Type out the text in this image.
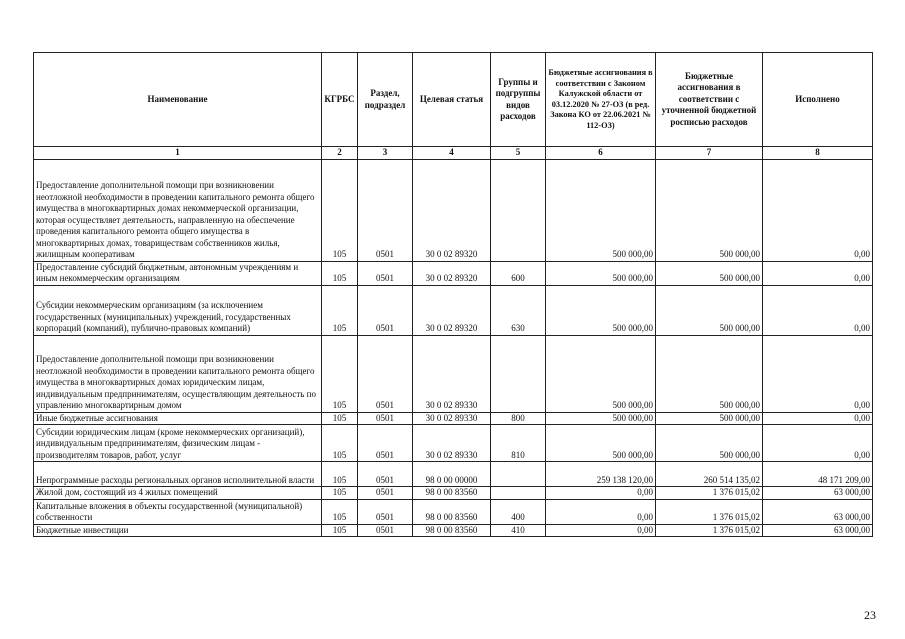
Наименование	КГРБС	Раздел, подраздел	Целевая статья	Группы и подгруппы видов расходов	Бюджетные ассигнования в соответствии с Законом Калужской области от 03.12.2020 № 27-ОЗ (в ред. Закона КО от 22.06.2021 № 112-ОЗ)	Бюджетные ассигнования в соответствии с уточненной бюджетной росписью расходов	Исполнено
1	2	3	4	5	6	7	8
Предоставление дополнительной помощи при возникновении неотложной необходимости в проведении капитального ремонта общего имущества в многоквартирных домах некоммерческой организации, которая осуществляет деятельность, направленную на обеспечение проведения капитального ремонта общего имущества в многоквартирных домах, товариществам собственников жилья, жилищным кооперативам	105	0501	30 0 02 89320		500 000,00	500 000,00	0,00
Предоставление субсидий бюджетным, автономным учреждениям и иным некоммерческим организациям	105	0501	30 0 02 89320	600	500 000,00	500 000,00	0,00
Субсидии некоммерческим организациям (за исключением государственных (муниципальных) учреждений, государственных корпораций (компаний), публично-правовых компаний)	105	0501	30 0 02 89320	630	500 000,00	500 000,00	0,00
Предоставление дополнительной помощи при возникновении неотложной необходимости в проведении капитального ремонта общего имущества в многоквартирных домах юридическим лицам, индивидуальным предпринимателям, осуществляющим деятельность по управлению многоквартирным домом	105	0501	30 0 02 89330		500 000,00	500 000,00	0,00
Иные бюджетные ассигнования	105	0501	30 0 02 89330	800	500 000,00	500 000,00	0,00
Субсидии юридическим лицам (кроме некоммерческих организаций), индивидуальным предпринимателям, физическим лицам - производителям товаров, работ, услуг	105	0501	30 0 02 89330	810	500 000,00	500 000,00	0,00
Непрограммные расходы региональных органов исполнительной власти	105	0501	98 0 00 00000		259 138 120,00	260 514 135,02	48 171 209,00
Жилой дом, состоящий из 4 жилых помещений	105	0501	98 0 00 83560		0,00	1 376 015,02	63 000,00
Капитальные вложения в объекты государственной (муниципальной) собственности	105	0501	98 0 00 83560	400	0,00	1 376 015,02	63 000,00
Бюджетные инвестиции	105	0501	98 0 00 83560	410	0,00	1 376 015,02	63 000,00
23
